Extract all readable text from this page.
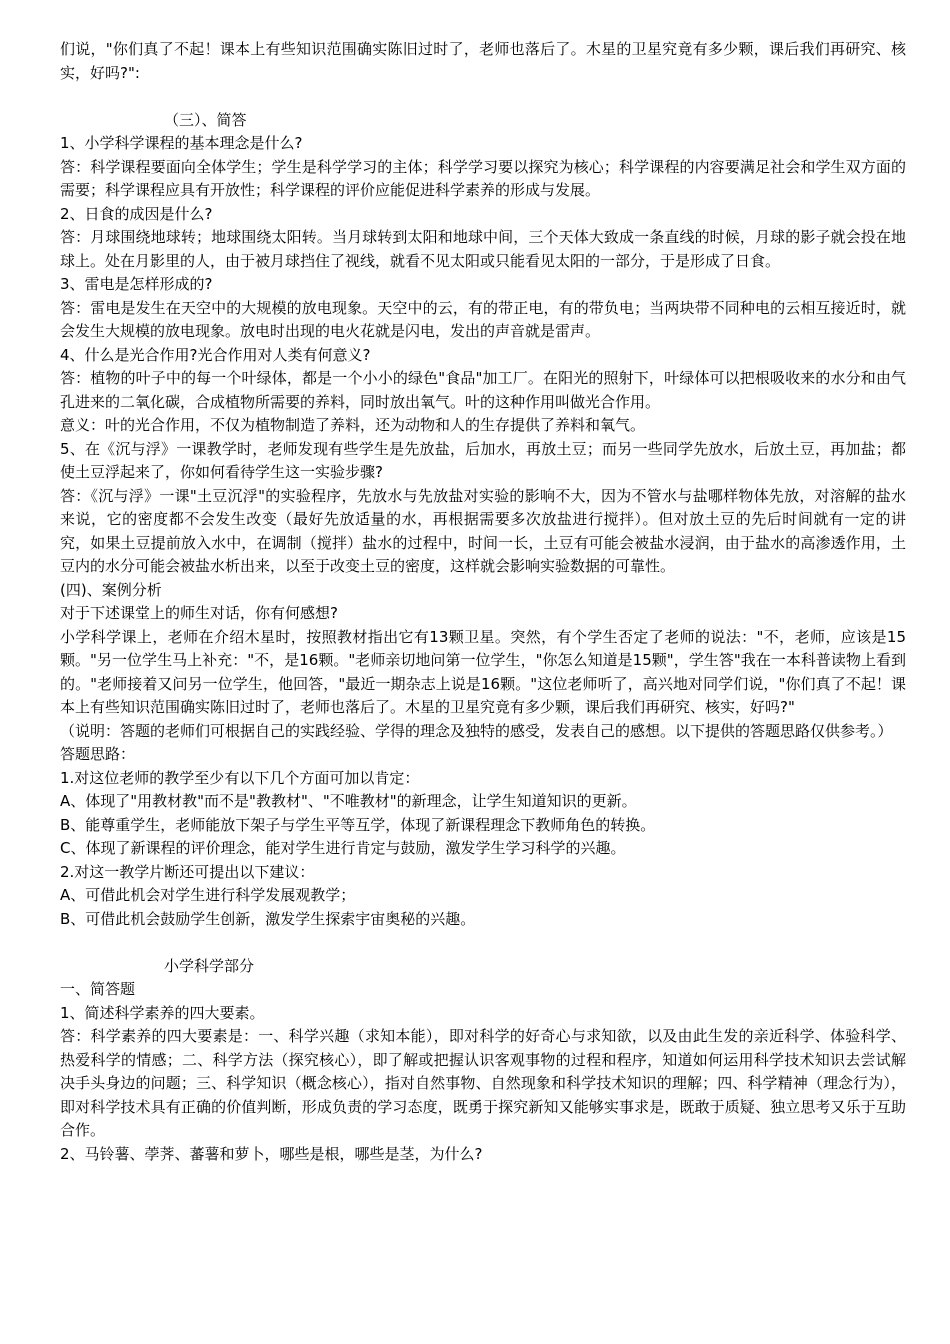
们说，"你们真了不起！课本上有些知识范围确实陈旧过时了，老师也落后了。木星的卫星究竟有多少颗，课后我们再研究、核实，好吗?":

（三）、简答

1、小学科学课程的基本理念是什么?

答：科学课程要面向全体学生；学生是科学学习的主体；科学学习要以探究为核心；科学课程的内容要满足社会和学生双方面的需要；科学课程应具有开放性；科学课程的评价应能促进科学素养的形成与发展。

2、日食的成因是什么?

答：月球围绕地球转；地球围绕太阳转。当月球转到太阳和地球中间，三个天体大致成一条直线的时候，月球的影子就会投在地球上。处在月影里的人，由于被月球挡住了视线，就看不见太阳或只能看见太阳的一部分，于是形成了日食。

3、雷电是怎样形成的?

答：雷电是发生在天空中的大规模的放电现象。天空中的云，有的带正电，有的带负电；当两块带不同种电的云相互接近时，就会发生大规模的放电现象。放电时出现的电火花就是闪电，发出的声音就是雷声。

4、什么是光合作用?光合作用对人类有何意义?

答：植物的叶子中的每一个叶绿体，都是一个小小的绿色"食品"加工厂。在阳光的照射下，叶绿体可以把根吸收来的水分和由气孔进来的二氧化碳，合成植物所需要的养料，同时放出氧气。叶的这种作用叫做光合作用。

意义：叶的光合作用，不仅为植物制造了养料，还为动物和人的生存提供了养料和氧气。

5、在《沉与浮》一课教学时，老师发现有些学生是先放盐，后加水，再放土豆；而另一些同学先放水，后放土豆，再加盐；都使土豆浮起来了，你如何看待学生这一实验步骤?

答：《沉与浮》一课"土豆沉浮"的实验程序，先放水与先放盐对实验的影响不大，因为不管水与盐哪样物体先放，对溶解的盐水来说，它的密度都不会发生改变（最好先放适量的水，再根据需要多次放盐进行搅拌）。但对放土豆的先后时间就有一定的讲究，如果土豆提前放入水中，在调制（搅拌）盐水的过程中，时间一长，土豆有可能会被盐水浸润，由于盐水的高渗透作用，土豆内的水分可能会被盐水析出来，以至于改变土豆的密度，这样就会影响实验数据的可靠性。

(四)、案例分析

对于下述课堂上的师生对话，你有何感想?

小学科学课上，老师在介绍木星时，按照教材指出它有13颗卫星。突然，有个学生否定了老师的说法："不，老师，应该是15颗。"另一位学生马上补充："不，是16颗。"老师亲切地问第一位学生，"你怎么知道是15颗"，学生答"我在一本科普读物上看到的。"老师接着又问另一位学生，他回答，"最近一期杂志上说是16颗。"这位老师听了，高兴地对同学们说，"你们真了不起！课本上有些知识范围确实陈旧过时了，老师也落后了。木星的卫星究竟有多少颗，课后我们再研究、核实，好吗?"

（说明：答题的老师们可根据自己的实践经验、学得的理念及独特的感受，发表自己的感想。以下提供的答题思路仅供参考。）

答题思路：

1.对这位老师的教学至少有以下几个方面可加以肯定：

A、体现了"用教材教"而不是"教教材"、"不唯教材"的新理念，让学生知道知识的更新。

B、能尊重学生，老师能放下架子与学生平等互学，体现了新课程理念下教师角色的转换。

C、体现了新课程的评价理念，能对学生进行肯定与鼓励，激发学生学习科学的兴趣。

2.对这一教学片断还可提出以下建议：

A、可借此机会对学生进行科学发展观教学；

B、可借此机会鼓励学生创新，激发学生探索宇宙奥秘的兴趣。

小学科学部分

一、简答题

1、简述科学素养的四大要素。

答：科学素养的四大要素是：一、科学兴趣（求知本能），即对科学的好奇心与求知欲，以及由此生发的亲近科学、体验科学、热爱科学的情感；二、科学方法（探究核心），即了解或把握认识客观事物的过程和程序，知道如何运用科学技术知识去尝试解决手头身边的问题；三、科学知识（概念核心），指对自然事物、自然现象和科学技术知识的理解；四、科学精神（理念行为），即对科学技术具有正确的价值判断，形成负责的学习态度，既勇于探究新知又能够实事求是，既敢于质疑、独立思考又乐于互助合作。

2、马铃薯、荸荠、蕃薯和萝卜，哪些是根，哪些是茎，为什么?
